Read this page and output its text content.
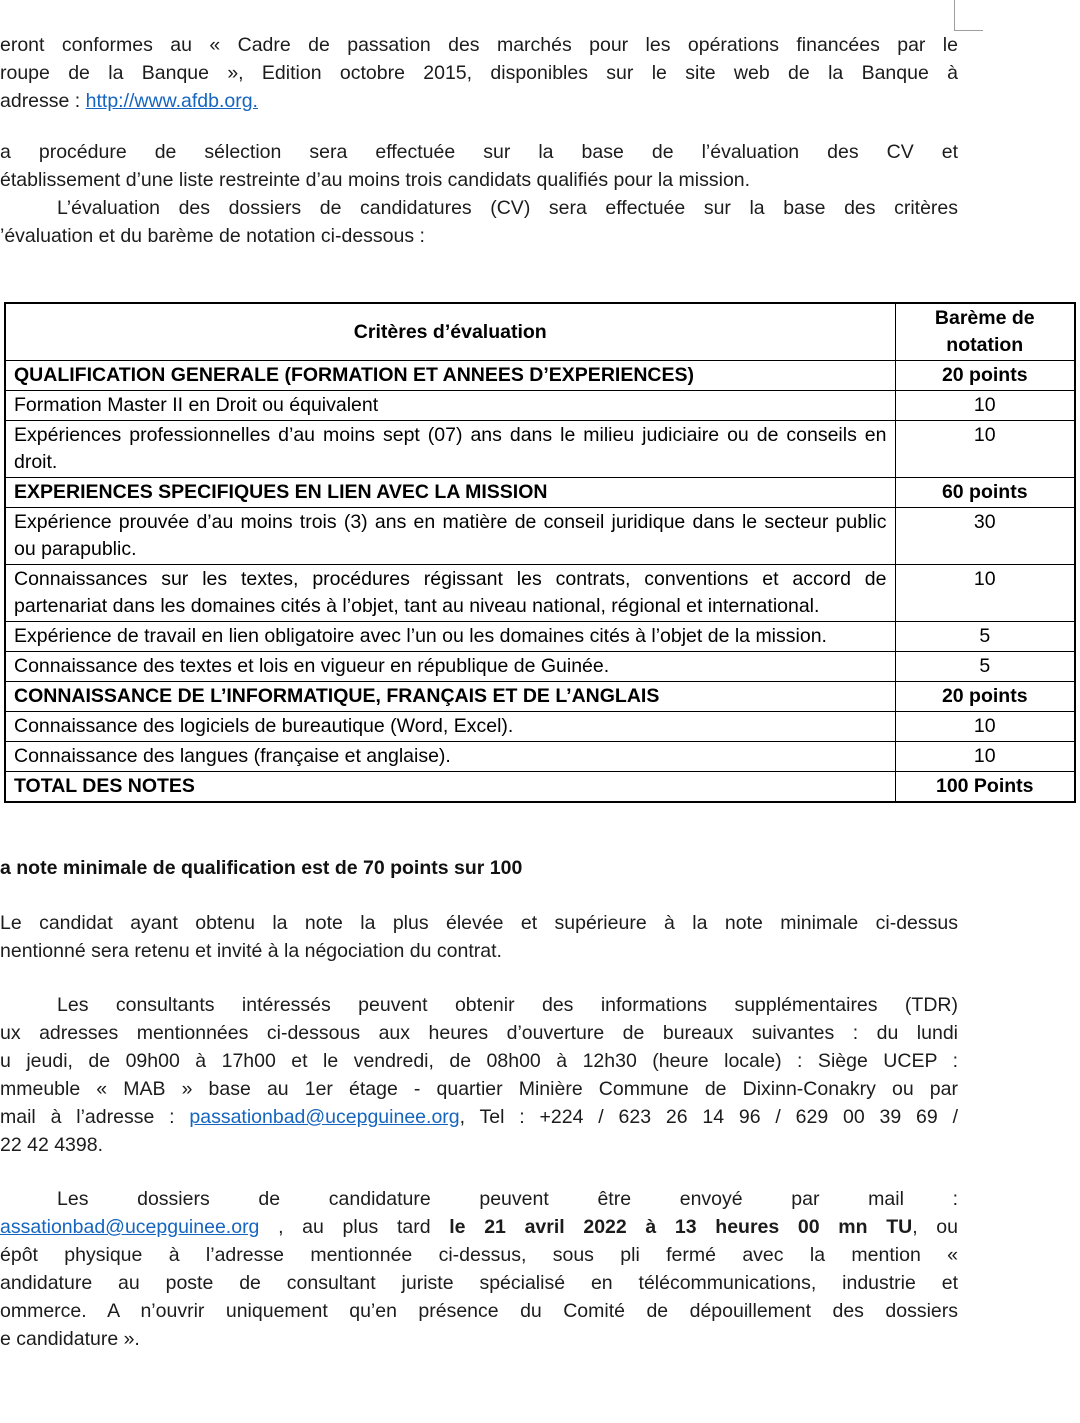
eront conformes au « Cadre de passation des marchés pour les opérations financées par le
roupe de la Banque », Edition octobre 2015, disponibles sur le site web de la Banque à
adresse : http://www.afdb.org.
a procédure de sélection sera effectuée sur la base de l’évaluation des CV et
établissement d’une liste restreinte d’au moins trois candidats qualifiés pour la mission.
L’évaluation des dossiers de candidatures (CV) sera effectuée sur la base des critères
’évaluation et du barème de notation ci-dessous :
Critères d’évaluation	Barème de notation
QUALIFICATION GENERALE (FORMATION ET ANNEES D’EXPERIENCES)	20 points
Formation Master II en Droit ou équivalent	10
Expériences professionnelles d’au moins sept (07) ans dans le milieu judiciaire ou de conseils en droit.	10
EXPERIENCES SPECIFIQUES EN LIEN AVEC LA MISSION	60 points
Expérience prouvée d’au moins trois (3) ans en matière de conseil juridique dans le secteur public ou parapublic.	30
Connaissances sur les textes, procédures régissant les contrats, conventions et accord de partenariat dans les domaines cités à l’objet, tant au niveau national, régional et international.	10
Expérience de travail en lien obligatoire avec l’un ou les domaines cités à l’objet de la mission.	5
Connaissance des textes et lois en vigueur en république de Guinée.	5
CONNAISSANCE DE L’INFORMATIQUE, FRANÇAIS ET DE L’ANGLAIS	20 points
Connaissance des logiciels de bureautique (Word, Excel).	10
Connaissance des langues (française et anglaise).	10
TOTAL DES NOTES	100 Points
a note minimale de qualification est de 70 points sur 100
Le candidat ayant obtenu la note la plus élevée et supérieure à la note minimale ci-dessus
nentionné sera retenu et invité à la négociation du contrat.
Les consultants intéressés peuvent obtenir des informations supplémentaires (TDR)
ux adresses mentionnées ci-dessous aux heures d’ouverture de bureaux suivantes : du lundi
u jeudi, de 09h00 à 17h00 et le vendredi, de 08h00 à 12h30 (heure locale) : Siège UCEP :
mmeuble « MAB » base au 1er étage - quartier Minière Commune de Dixinn-Conakry ou par
mail à l’adresse : passationbad@ucepguinee.org, Tel : +224 / 623 26 14 96 / 629 00 39 69 /
22 42 4398.
Les dossiers de candidature peuvent être envoyé par mail :
assationbad@ucepguinee.org , au plus tard le 21 avril 2022 à 13 heures 00 mn TU, ou
épôt physique à l’adresse mentionnée ci-dessus, sous pli fermé avec la mention «
andidature au poste de consultant juriste spécialisé en télécommunications, industrie et
ommerce. A n’ouvrir uniquement qu’en présence du Comité de dépouillement des dossiers
e candidature ».
